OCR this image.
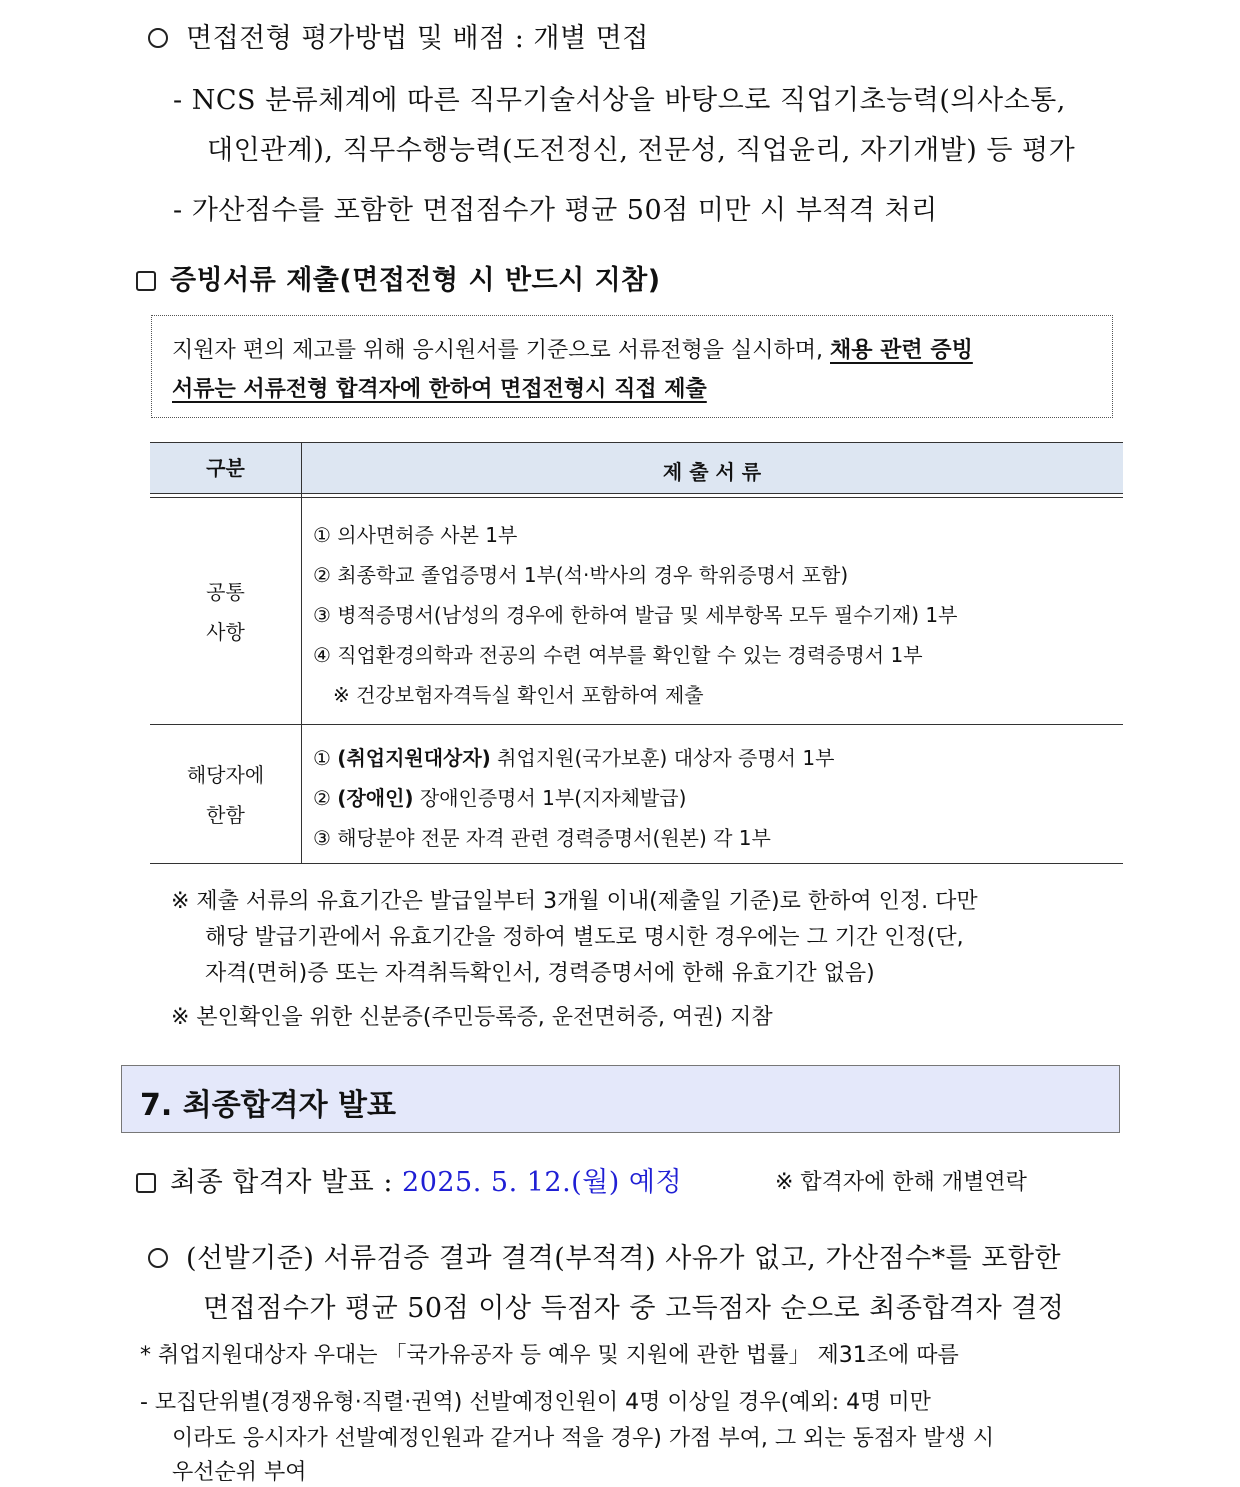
면접전형 평가방법 및 배점 : 개별 면접
- NCS 분류체계에 따른 직무기술서상을 바탕으로 직업기초능력(의사소통,
대인관계), 직무수행능력(도전정신, 전문성, 직업윤리, 자기개발) 등 평가
- 가산점수를 포함한 면접점수가 평균 50점 미만 시 부적격 처리
증빙서류 제출(면접전형 시 반드시 지참)
지원자 편의 제고를 위해 응시원서를 기준으로 서류전형을 실시하며, 채용 관련 증빙
서류는 서류전형 합격자에 한하여 면접전형시 직접 제출
구분	제 출 서 류
공통
사항
① 의사면허증 사본 1부
② 최종학교 졸업증명서 1부(석·박사의 경우 학위증명서 포함)
③ 병적증명서(남성의 경우에 한하여 발급 및 세부항목 모두 필수기재) 1부
④ 직업환경의학과 전공의 수련 여부를 확인할 수 있는 경력증명서 1부
※ 건강보험자격득실 확인서 포함하여 제출
해당자에
한함
① (취업지원대상자) 취업지원(국가보훈) 대상자 증명서 1부
② (장애인) 장애인증명서 1부(지자체발급)
③ 해당분야 전문 자격 관련 경력증명서(원본) 각 1부
※ 제출 서류의 유효기간은 발급일부터 3개월 이내(제출일 기준)로 한하여 인정. 다만
해당 발급기관에서 유효기간을 정하여 별도로 명시한 경우에는 그 기간 인정(단,
자격(면허)증 또는 자격취득확인서, 경력증명서에 한해 유효기간 없음)
※ 본인확인을 위한 신분증(주민등록증, 운전면허증, 여권) 지참
7. 최종합격자 발표
최종 합격자 발표 : 2025. 5. 12.(월) 예정	※ 합격자에 한해 개별연락
(선발기준) 서류검증 결과 결격(부적격) 사유가 없고, 가산점수*를 포함한
면접점수가 평균 50점 이상 득점자 중 고득점자 순으로 최종합격자 결정
* 취업지원대상자 우대는 「국가유공자 등 예우 및 지원에 관한 법률」 제31조에 따름
- 모집단위별(경쟁유형·직렬·권역) 선발예정인원이 4명 이상일 경우(예외: 4명 미만
이라도 응시자가 선발예정인원과 같거나 적을 경우) 가점 부여, 그 외는 동점자 발생 시
우선순위 부여
